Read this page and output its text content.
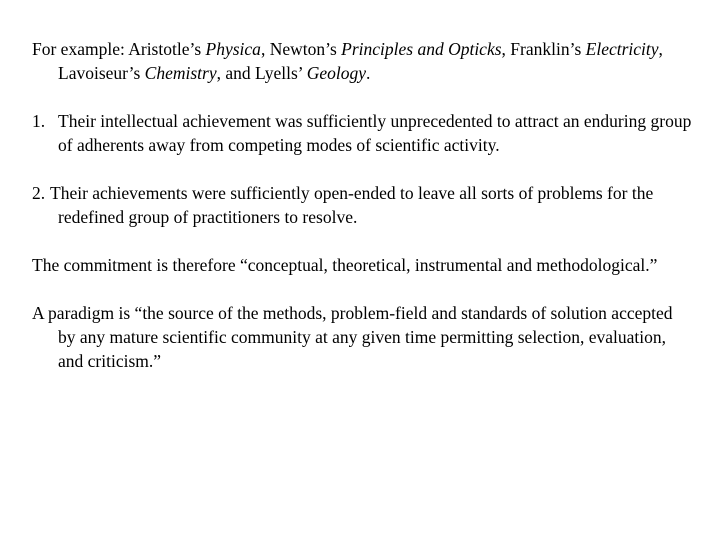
For example: Aristotle’s Physica, Newton’s Principles and Opticks, Franklin’s Electricity, Lavoiseur’s Chemistry, and Lyells’ Geology.

1. Their intellectual achievement was sufficiently unprecedented to attract an enduring group of adherents away from competing modes of scientific activity.

2. Their achievements were sufficiently open-ended to leave all sorts of problems for the redefined group of practitioners to resolve.

The commitment is therefore “conceptual, theoretical, instrumental and methodological.”

A paradigm is “the source of the methods, problem-field and standards of solution accepted by any mature scientific community at any given time permitting selection, evaluation, and criticism.”
